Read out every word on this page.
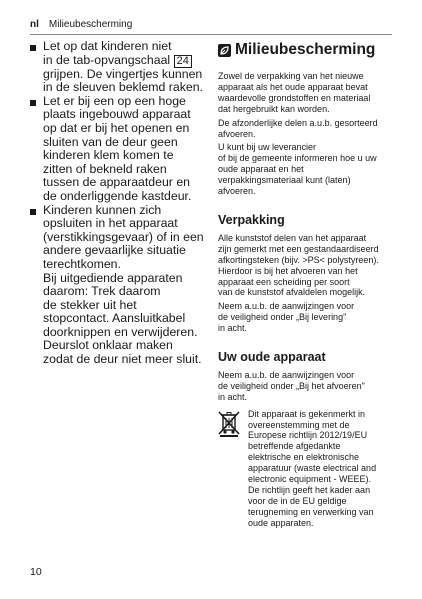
nl Milieubescherming
Let op dat kinderen niet
in de tab-opvangschaal 24
grijpen. De vingertjes kunnen
in de sleuven beklemd raken.
Let er bij een op een hoge
plaats ingebouwd apparaat
op dat er bij het openen en
sluiten van de deur geen
kinderen klem komen te
zitten of bekneld raken
tussen de apparaatdeur en
de onderliggende kastdeur.
Kinderen kunnen zich
opsluiten in het apparaat
(verstikkingsgevaar) of in een
andere gevaarlijke situatie
terechtkomen.
Bij uitgediende apparaten
daarom: Trek daarom
de stekker uit het
stopcontact. Aansluitkabel
doorknippen en verwijderen.
Deurslot onklaar maken
zodat de deur niet meer sluit.
Milieubescherming

Zowel de verpakking van het nieuwe
apparaat als het oude apparaat bevat
waardevolle grondstoffen en materiaal
dat hergebruikt kan worden.

De afzonderlijke delen a.u.b. gesorteerd
afvoeren.

U kunt bij uw leverancier
of bij de gemeente informeren hoe u uw
oude apparaat en het
verpakkingsmateriaal kunt (laten)
afvoeren.

Verpakking

Alle kunststof delen van het apparaat
zijn gemerkt met een gestandaardiseerd
afkortingsteken (bijv. >PS< polystyreen).
Hierdoor is bij het afvoeren van het
apparaat een scheiding per soort
van de kunststof afvaldelen mogelijk.

Neem a.u.b. de aanwijzingen voor
de veiligheid onder „Bij levering"
in acht.

Uw oude apparaat

Neem a.u.b. de aanwijzingen voor
de veiligheid onder „Bij het afvoeren"
in acht.

Dit apparaat is gekenmerkt in
overeenstemming met de
Europese richtlijn 2012/19/EU
betreffende afgedankte
elektrische en elektronische
apparatuur (waste electrical and
electronic equipment - WEEE).
De richtlijn geeft het kader aan
voor de in de EU geldige
terugneming en verwerking van
oude apparaten.
10
